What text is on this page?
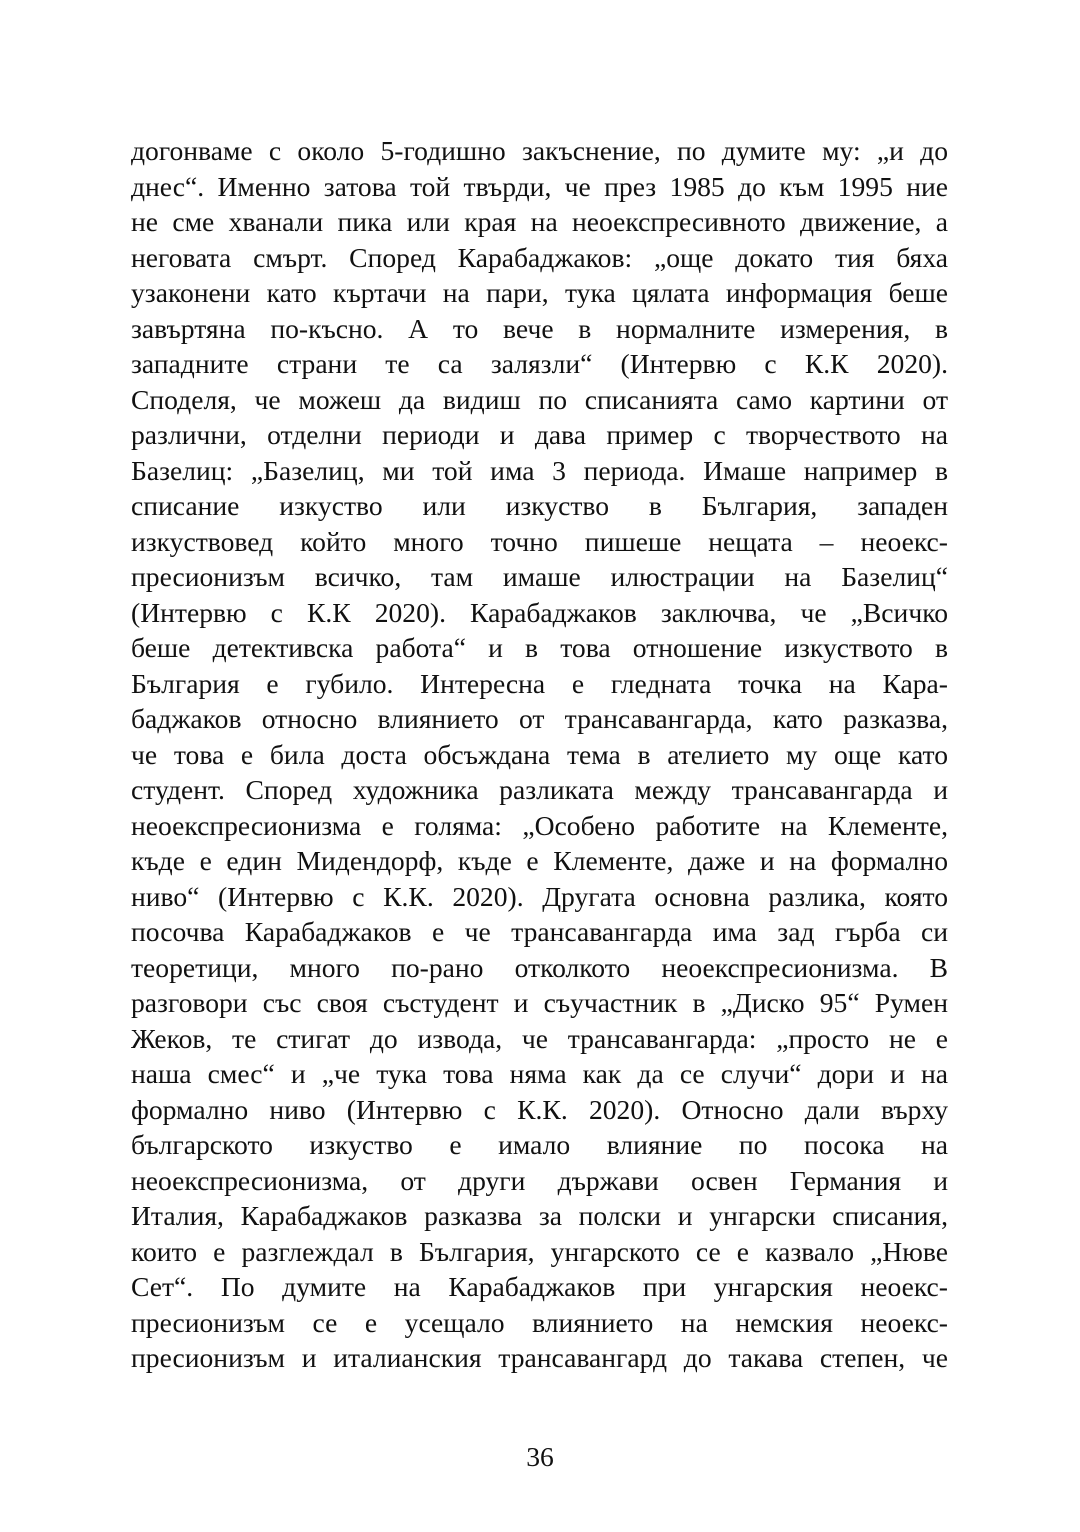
догонваме с около 5-годишно закъснение, по думите му: „и до
днес“. Именно затова той твърди, че през 1985 до към 1995 ние
не сме хванали пика или края на неоекспресивното движение, а
неговата смърт. Според Карабаджаков: „още докато тия бяха
узаконени като къртачи на пари, тука цялата информация беше
завъртяна по-късно. А то вече в нормалните измерения, в
западните страни те са залязли“ (Интервю с К.К 2020).
Споделя, че можеш да видиш по списанията само картини от
различни, отделни периоди и дава пример с творчеството на
Базелиц: „Базелиц, ми той има 3 периода. Имаше например в
списание изкуство или изкуство в България, западен
изкуствовед който много точно пишеше нещата – неоекс-
пресионизъм всичко, там имаше илюстрации на Базелиц“
(Интервю с К.К 2020). Карабаджаков заключва, че „Всичко
беше детективска работа“ и в това отношение изкуството в
България е губило. Интересна е гледната точка на Кара-
баджаков относно влиянието от трансавангарда, като разказва,
че това е била доста обсъждана тема в ателието му още като
студент. Според художника разликата между трансавангарда и
неоекспресионизма е голяма: „Особено работите на Клементе,
къде е един Мидендорф, къде е Клементе, даже и на формално
ниво“ (Интервю с К.К. 2020). Другата основна разлика, която
посочва Карабаджаков е че трансавангарда има зад гърба си
теоретици, много по-рано отколкото неоекспресионизма. В
разговори със своя състудент и съучастник в „Диско 95“ Румен
Жеков, те стигат до извода, че трансавангарда: „просто не е
наша смес“ и „че тука това няма как да се случи“ дори и на
формално ниво (Интервю с К.К. 2020). Относно дали върху
българското изкуство е имало влияние по посока на
неоекспресионизма, от други държави освен Германия и
Италия, Карабаджаков разказва за полски и унгарски списания,
които е разглеждал в България, унгарското се е казвало „Нюве
Сет“. По думите на Карабаджаков при унгарския неоекс-
пресионизъм се е усещало влиянието на немския неоекс-
пресионизъм и италианския трансавангард до такава степен, че
36
